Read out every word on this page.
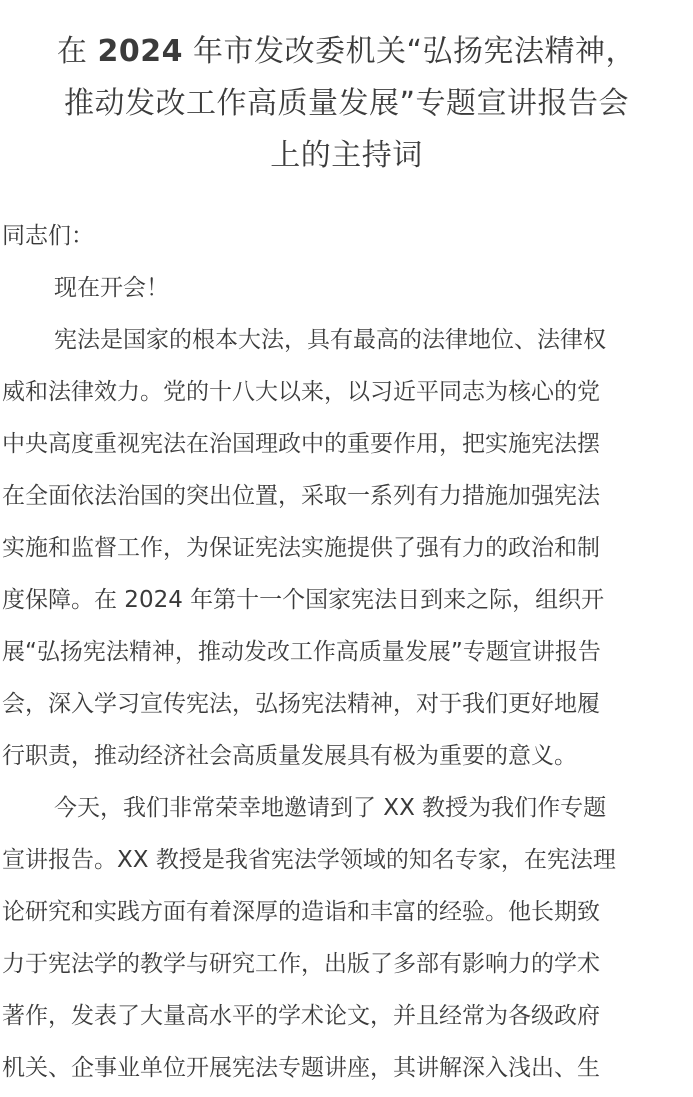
在 2024 年市发改委机关“弘扬宪法精神，
推动发改工作高质量发展”专题宣讲报告会
上的主持词
同志们：
现在开会！
宪法是国家的根本大法，具有最高的法律地位、法律权
威和法律效力。党的十八大以来，以习近平同志为核心的党
中央高度重视宪法在治国理政中的重要作用，把实施宪法摆
在全面依法治国的突出位置，采取一系列有力措施加强宪法
实施和监督工作，为保证宪法实施提供了强有力的政治和制
度保障。在 2024 年第十一个国家宪法日到来之际，组织开
展“弘扬宪法精神，推动发改工作高质量发展”专题宣讲报告
会，深入学习宣传宪法，弘扬宪法精神，对于我们更好地履
行职责，推动经济社会高质量发展具有极为重要的意义。
今天，我们非常荣幸地邀请到了 XX 教授为我们作专题
宣讲报告。XX 教授是我省宪法学领域的知名专家，在宪法理
论研究和实践方面有着深厚的造诣和丰富的经验。他长期致
力于宪法学的教学与研究工作，出版了多部有影响力的学术
著作，发表了大量高水平的学术论文，并且经常为各级政府
机关、企事业单位开展宪法专题讲座，其讲解深入浅出、生
